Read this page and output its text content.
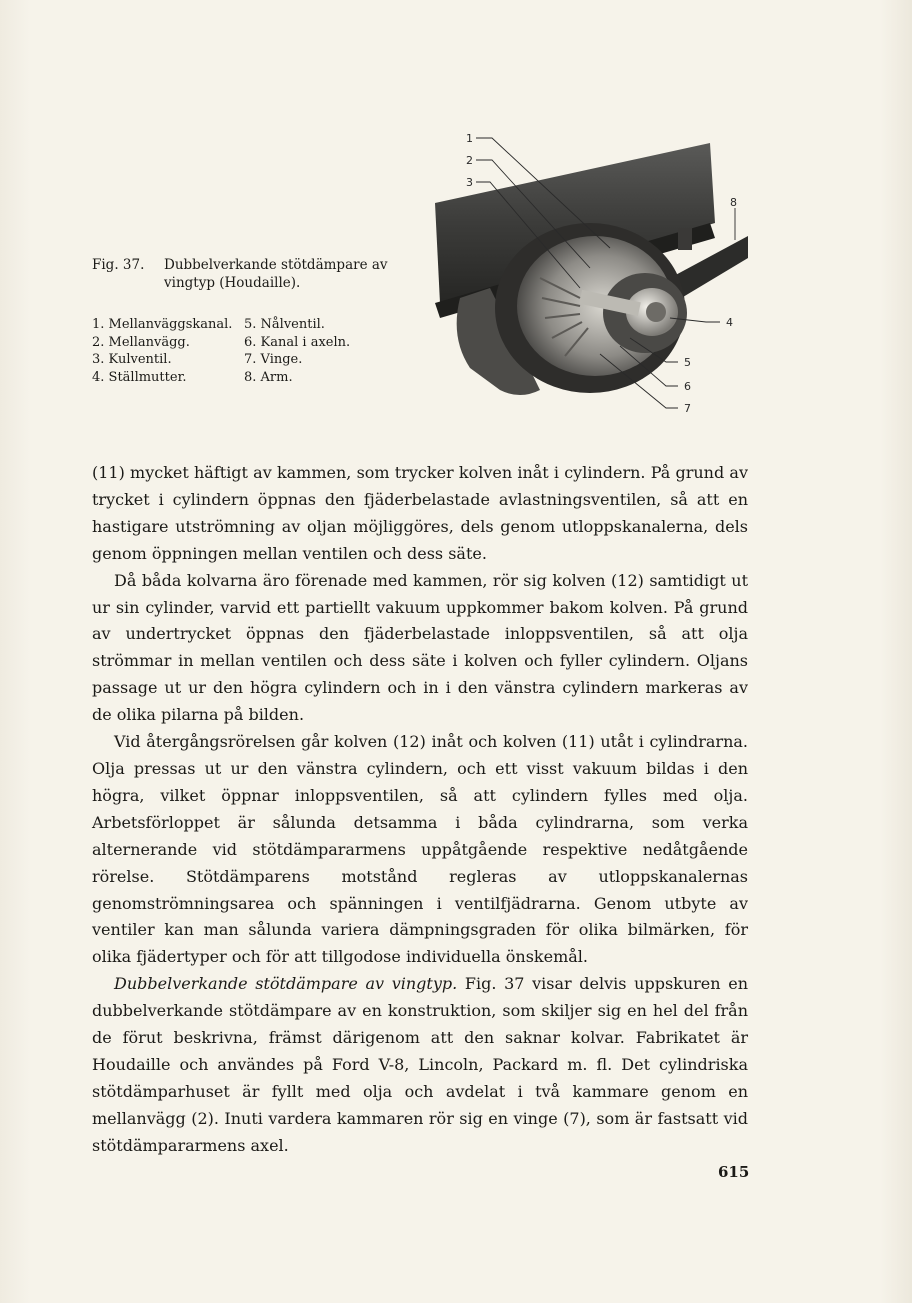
Fig. 37. Dubbelverkande stötdämpare av
vingtyp (Houdaille).
1. Mellanväggskanal.
2. Mellanvägg.
3. Kulventil.
4. Ställmutter.
5. Nålventil.
6. Kanal i axeln.
7. Vinge.
8. Arm.
1
2
3
8
4
5
6
7

(11) mycket häftigt av kammen, som trycker kolven inåt i cylindern. På grund av trycket i cylindern öppnas den fjäderbelastade avlastningsventilen, så att en hastigare utströmning av oljan möjliggöres, dels genom utloppskanalerna, dels genom öppningen mellan ventilen och dess säte.

Då båda kolvarna äro förenade med kammen, rör sig kolven (12) samtidigt ut ur sin cylinder, varvid ett partiellt vakuum uppkommer bakom kolven. På grund av undertrycket öppnas den fjäderbelastade inloppsventilen, så att olja strömmar in mellan ventilen och dess säte i kolven och fyller cylindern. Oljans passage ut ur den högra cylindern och in i den vänstra cylindern markeras av de olika pilarna på bilden.

Vid återgångsrörelsen går kolven (12) inåt och kolven (11) utåt i cylindrarna. Olja pressas ut ur den vänstra cylindern, och ett visst vakuum bildas i den högra, vilket öppnar inloppsventilen, så att cylindern fylles med olja. Arbetsförloppet är sålunda detsamma i båda cylindrarna, som verka alternerande vid stötdämpararmens uppåtgående respektive nedåtgående rörelse. Stötdämparens motstånd regleras av utloppskanalernas genomströmningsarea och spänningen i ventilfjädrarna. Genom utbyte av ventiler kan man sålunda variera dämpningsgraden för olika bilmärken, för olika fjädertyper och för att tillgodose individuella önskemål.

Dubbelverkande stötdämpare av vingtyp. Fig. 37 visar delvis uppskuren en dubbelverkande stötdämpare av en konstruktion, som skiljer sig en hel del från de förut beskrivna, främst därigenom att den saknar kolvar. Fabrikatet är Houdaille och användes på Ford V-8, Lincoln, Packard m. fl. Det cylindriska stötdämparhuset är fyllt med olja och avdelat i två kammare genom en mellanvägg (2). Inuti vardera kammaren rör sig en vinge (7), som är fastsatt vid stötdämpararmens axel.

615
